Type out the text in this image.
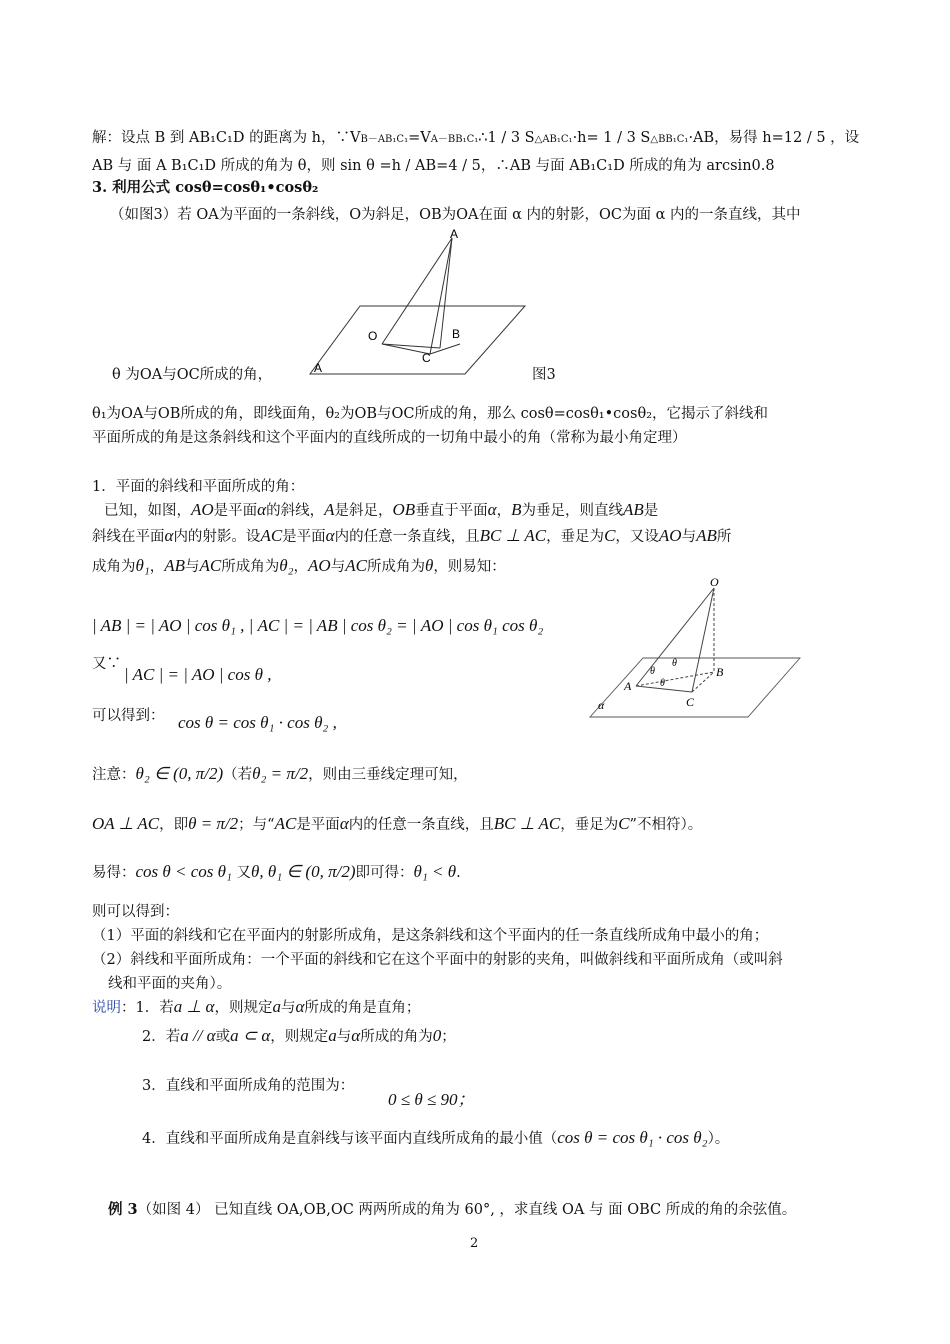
解：设点 B 到 AB₁C₁D 的距离为 h，∵VB－AB₁C₁=VA－BB₁C₁∴1 / 3 S△AB₁C₁·h= 1 / 3 S△BB₁C₁·AB，易得 h=12 / 5 ，设
AB 与 面 A B₁C₁D 所成的角为 θ，则 sin θ =h / AB=4 / 5，∴AB 与面 AB₁C₁D 所成的角为 arcsin0.8
3. 利用公式 cosθ=cosθ₁•cosθ₂
（如图3）若 OA为平面的一条斜线，O为斜足，OB为OA在面 α 内的射影，OC为面 α 内的一条直线，其中
A
O	B
C
A
θ 为OA与OC所成的角，	图3
θ₁为OA与OB所成的角，即线面角，θ₂为OB与OC所成的角，那么 cosθ=cosθ₁•cosθ₂，它揭示了斜线和
平面所成的角是这条斜线和这个平面内的直线所成的一切角中最小的角（常称为最小角定理）
1．平面的斜线和平面所成的角：
已知，如图，AO是平面α的斜线，A是斜足，OB垂直于平面α，B为垂足，则直线AB是
斜线在平面α内的射影。设AC是平面α内的任意一条直线，且BC ⊥ AC，垂足为C，又设AO与AB所
成角为θ₁，AB与AC所成角为θ₂，AO与AC所成角为θ，则易知：
| AB | = | AO | cos θ₁ , | AC | = | AB | cos θ₂ = | AO | cos θ₁ cos θ₂
又∵
| AC | = | AO | cos θ ,
可以得到： cos θ = cos θ₁ · cos θ₂ ,
O
A
B
C
α
θ
θ
θ
注意：θ₂ ∈ (0, π/2)（若θ₂ = π/2，则由三垂线定理可知，
OA ⊥ AC，即θ = π/2；与“AC是平面α内的任意一条直线，且BC ⊥ AC，垂足为C”不相符）。
易得：cos θ < cos θ₁ 又θ, θ₁ ∈ (0, π/2)即可得：θ₁ < θ.
则可以得到：
（1）平面的斜线和它在平面内的射影所成角，是这条斜线和这个平面内的任一条直线所成角中最小的角；
（2）斜线和平面所成角：一个平面的斜线和它在这个平面中的射影的夹角，叫做斜线和平面所成角（或叫斜
线和平面的夹角）。
说明：1．若a ⊥ α，则规定a与α所成的角是直角；
2．若a // α或a ⊂ α，则规定a与α所成的角为0；
3．直线和平面所成角的范围为：
0 ≤ θ ≤ 90；
4．直线和平面所成角是直斜线与该平面内直线所成角的最小值（cos θ = cos θ₁ · cos θ₂）。
例 3（如图 4） 已知直线 OA,OB,OC 两两所成的角为 60°, ，求直线 OA 与 面 OBC 所成的角的余弦值。
2
